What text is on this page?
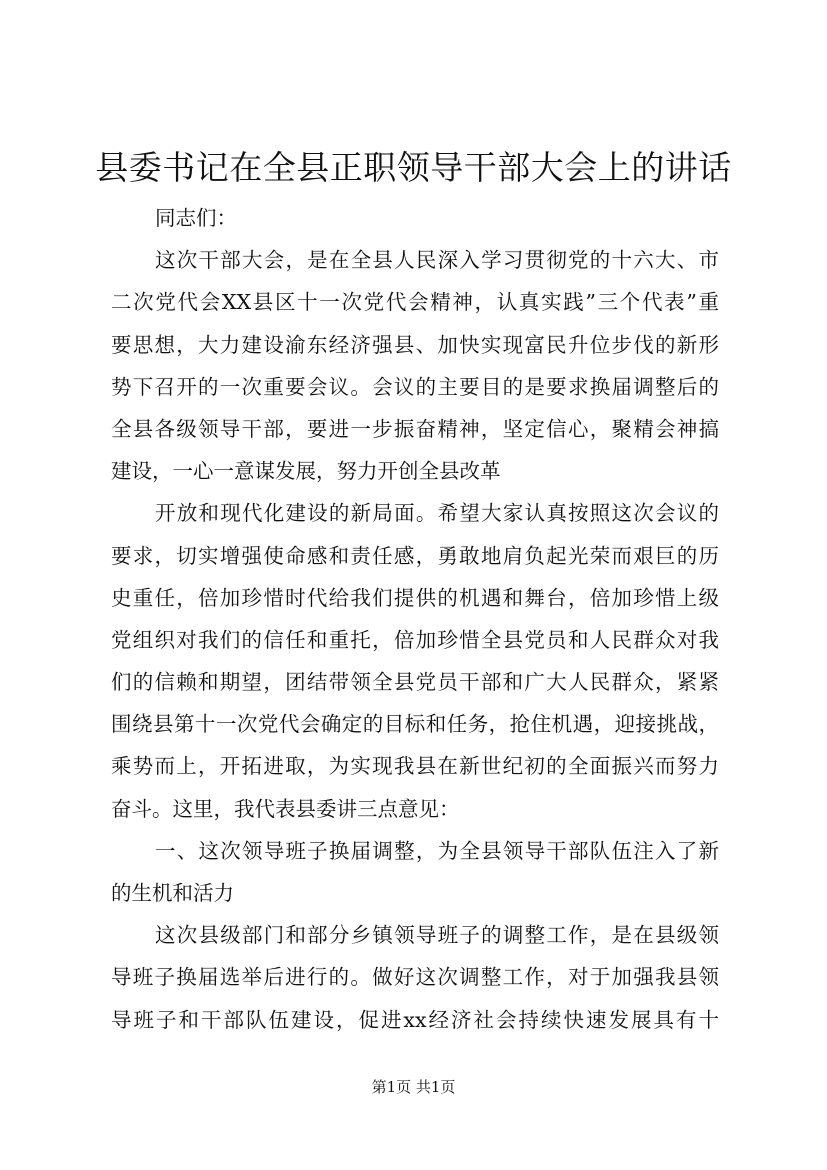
县委书记在全县正职领导干部大会上的讲话
同志们：
这次干部大会，是在全县人民深入学习贯彻党的十六大、市
二次党代会XX县区十一次党代会精神，认真实践”三个代表”重
要思想，大力建设渝东经济强县、加快实现富民升位步伐的新形
势下召开的一次重要会议。会议的主要目的是要求换届调整后的
全县各级领导干部，要进一步振奋精神，坚定信心，聚精会神搞
建设，一心一意谋发展，努力开创全县改革
开放和现代化建设的新局面。希望大家认真按照这次会议的
要求，切实增强使命感和责任感，勇敢地肩负起光荣而艰巨的历
史重任，倍加珍惜时代给我们提供的机遇和舞台，倍加珍惜上级
党组织对我们的信任和重托，倍加珍惜全县党员和人民群众对我
们的信赖和期望，团结带领全县党员干部和广大人民群众，紧紧
围绕县第十一次党代会确定的目标和任务，抢住机遇，迎接挑战，
乘势而上，开拓进取，为实现我县在新世纪初的全面振兴而努力
奋斗。这里，我代表县委讲三点意见：
一、这次领导班子换届调整，为全县领导干部队伍注入了新
的生机和活力
这次县级部门和部分乡镇领导班子的调整工作，是在县级领
导班子换届选举后进行的。做好这次调整工作，对于加强我县领
导班子和干部队伍建设，促进xx经济社会持续快速发展具有十
第1页 共1页
